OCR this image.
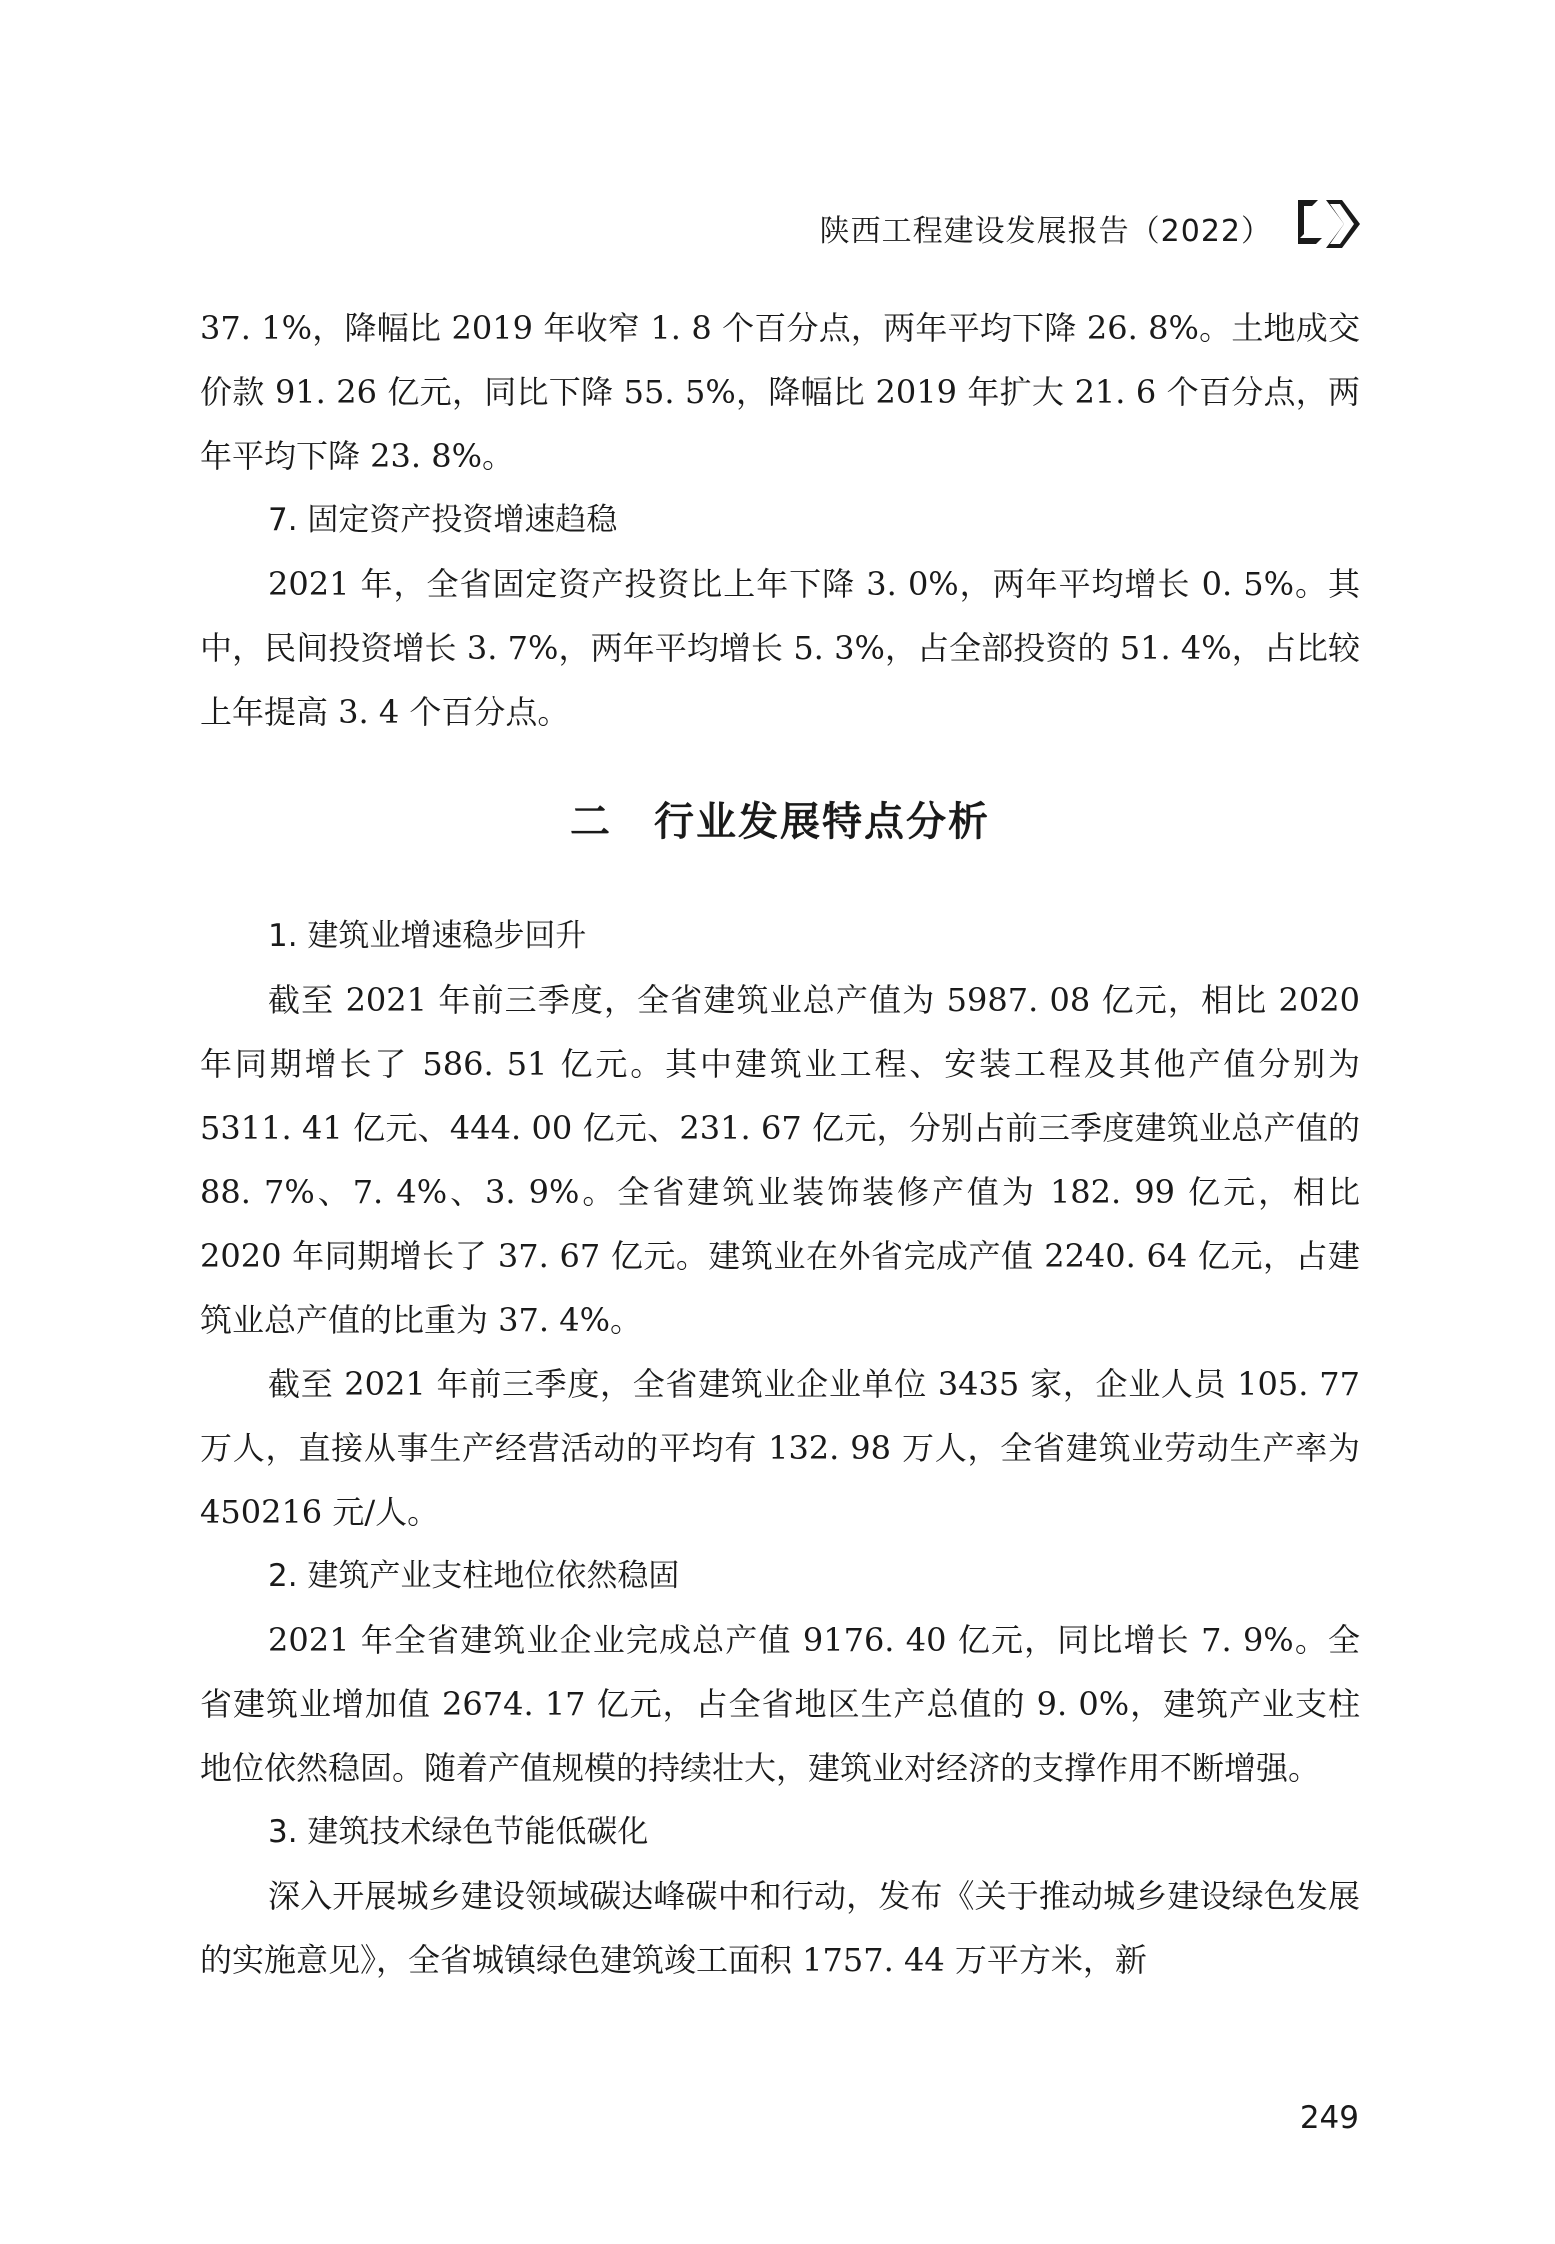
陕西工程建设发展报告（2022）

37. 1%，降幅比 2019 年收窄 1. 8 个百分点，两年平均下降 26. 8%。土地成交价款 91. 26 亿元，同比下降 55. 5%，降幅比 2019 年扩大 21. 6 个百分点，两年平均下降 23. 8%。

7. 固定资产投资增速趋稳

2021 年，全省固定资产投资比上年下降 3. 0%，两年平均增长 0. 5%。其中，民间投资增长 3. 7%，两年平均增长 5. 3%，占全部投资的 51. 4%，占比较上年提高 3. 4 个百分点。

二　行业发展特点分析

1. 建筑业增速稳步回升

截至 2021 年前三季度，全省建筑业总产值为 5987. 08 亿元，相比 2020 年同期增长了 586. 51 亿元。其中建筑业工程、安装工程及其他产值分别为 5311. 41 亿元、444. 00 亿元、231. 67 亿元，分别占前三季度建筑业总产值的 88. 7%、7. 4%、3. 9%。全省建筑业装饰装修产值为 182. 99 亿元，相比 2020 年同期增长了 37. 67 亿元。建筑业在外省完成产值 2240. 64 亿元，占建筑业总产值的比重为 37. 4%。

截至 2021 年前三季度，全省建筑业企业单位 3435 家，企业人员 105. 77 万人，直接从事生产经营活动的平均有 132. 98 万人，全省建筑业劳动生产率为 450216 元/人。

2. 建筑产业支柱地位依然稳固

2021 年全省建筑业企业完成总产值 9176. 40 亿元，同比增长 7. 9%。全省建筑业增加值 2674. 17 亿元，占全省地区生产总值的 9. 0%，建筑产业支柱地位依然稳固。随着产值规模的持续壮大，建筑业对经济的支撑作用不断增强。

3. 建筑技术绿色节能低碳化

深入开展城乡建设领域碳达峰碳中和行动，发布《关于推动城乡建设绿色发展的实施意见》，全省城镇绿色建筑竣工面积 1757. 44 万平方米，新

249
